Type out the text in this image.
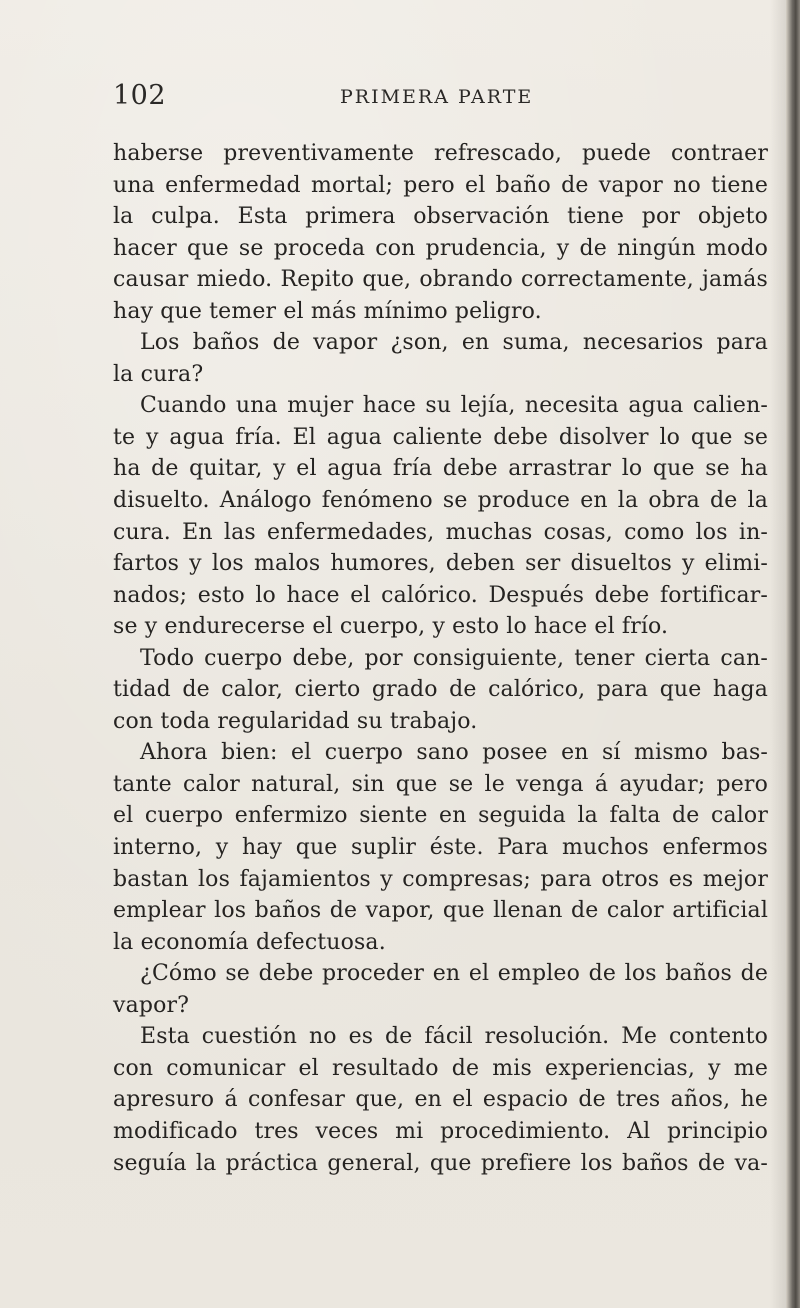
102	PRIMERA PARTE
haberse preventivamente refrescado, puede contraer
una enfermedad mortal; pero el baño de vapor no tiene
la culpa. Esta primera observación tiene por objeto
hacer que se proceda con prudencia, y de ningún modo
causar miedo. Repito que, obrando correctamente, jamás
hay que temer el más mínimo peligro.
Los baños de vapor ¿son, en suma, necesarios para
la cura?
Cuando una mujer hace su lejía, necesita agua calien-
te y agua fría. El agua caliente debe disolver lo que se
ha de quitar, y el agua fría debe arrastrar lo que se ha
disuelto. Análogo fenómeno se produce en la obra de la
cura. En las enfermedades, muchas cosas, como los in-
fartos y los malos humores, deben ser disueltos y elimi-
nados; esto lo hace el calórico. Después debe fortificar-
se y endurecerse el cuerpo, y esto lo hace el frío.
Todo cuerpo debe, por consiguiente, tener cierta can-
tidad de calor, cierto grado de calórico, para que haga
con toda regularidad su trabajo.
Ahora bien: el cuerpo sano posee en sí mismo bas-
tante calor natural, sin que se le venga á ayudar; pero
el cuerpo enfermizo siente en seguida la falta de calor
interno, y hay que suplir éste. Para muchos enfermos
bastan los fajamientos y compresas; para otros es mejor
emplear los baños de vapor, que llenan de calor artificial
la economía defectuosa.
¿Cómo se debe proceder en el empleo de los baños de
vapor?
Esta cuestión no es de fácil resolución. Me contento
con comunicar el resultado de mis experiencias, y me
apresuro á confesar que, en el espacio de tres años, he
modificado tres veces mi procedimiento. Al principio
seguía la práctica general, que prefiere los baños de va-
